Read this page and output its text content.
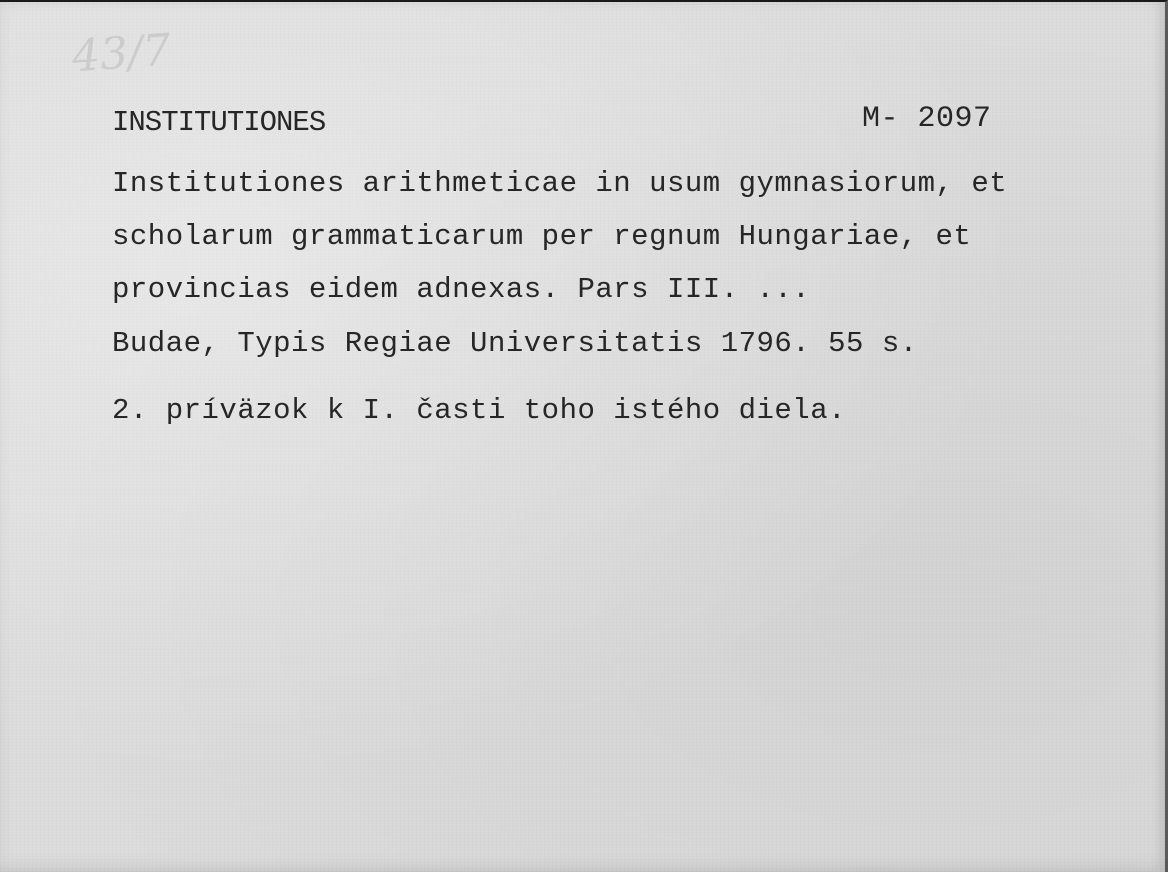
43/7
INSTITUTIONES	M- 2097
Institutiones arithmeticae in usum gymnasiorum, et
scholarum grammaticarum per regnum Hungariae, et
provincias eidem adnexas. Pars III. ...
Budae, Typis Regiae Universitatis 1796. 55 s.
2. prívӓzok k I. časti toho istého diela.
